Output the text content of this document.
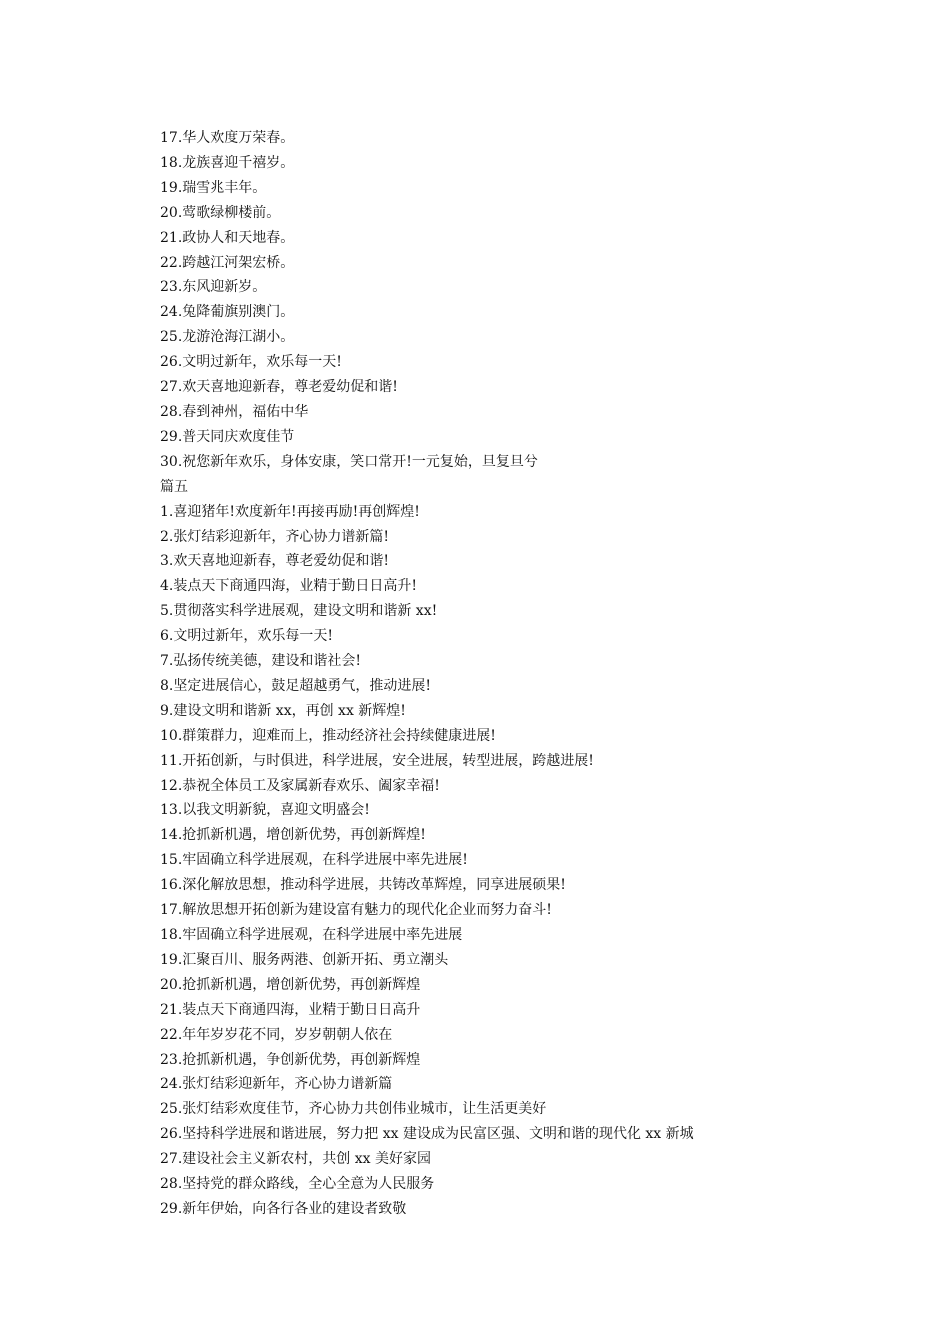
17.华人欢度万荣春。

18.龙族喜迎千禧岁。

19.瑞雪兆丰年。

20.莺歌绿柳楼前。

21.政协人和天地春。

22.跨越江河架宏桥。

23.东风迎新岁。

24.兔降葡旗别澳门。

25.龙游沧海江湖小。

26.文明过新年，欢乐每一天!

27.欢天喜地迎新春，尊老爱幼促和谐!

28.春到神州，福佑中华

29.普天同庆欢度佳节

30.祝您新年欢乐，身体安康，笑口常开!一元复始，旦复旦兮

篇五

1.喜迎猪年!欢度新年!再接再励!再创辉煌!

2.张灯结彩迎新年，齐心协力谱新篇!

3.欢天喜地迎新春，尊老爱幼促和谐!

4.装点天下商通四海，业精于勤日日高升!

5.贯彻落实科学进展观，建设文明和谐新 xx!

6.文明过新年，欢乐每一天!

7.弘扬传统美德，建设和谐社会!

8.坚定进展信心，鼓足超越勇气，推动进展!

9.建设文明和谐新 xx，再创 xx 新辉煌!

10.群策群力，迎难而上，推动经济社会持续健康进展!

11.开拓创新，与时俱进，科学进展，安全进展，转型进展，跨越进展!

12.恭祝全体员工及家属新春欢乐、阖家幸福!

13.以我文明新貌，喜迎文明盛会!

14.抢抓新机遇，增创新优势，再创新辉煌!

15.牢固确立科学进展观，在科学进展中率先进展!

16.深化解放思想，推动科学进展，共铸改革辉煌，同享进展硕果!

17.解放思想开拓创新为建设富有魅力的现代化企业而努力奋斗!

18.牢固确立科学进展观，在科学进展中率先进展

19.汇聚百川、服务两港、创新开拓、勇立潮头

20.抢抓新机遇，增创新优势，再创新辉煌

21.装点天下商通四海，业精于勤日日高升

22.年年岁岁花不同，岁岁朝朝人依在

23.抢抓新机遇，争创新优势，再创新辉煌

24.张灯结彩迎新年，齐心协力谱新篇

25.张灯结彩欢度佳节，齐心协力共创伟业城市，让生活更美好

26.坚持科学进展和谐进展，努力把 xx 建设成为民富区强、文明和谐的现代化 xx 新城

27.建设社会主义新农村，共创 xx 美好家园

28.坚持党的群众路线，全心全意为人民服务

29.新年伊始，向各行各业的建设者致敬
